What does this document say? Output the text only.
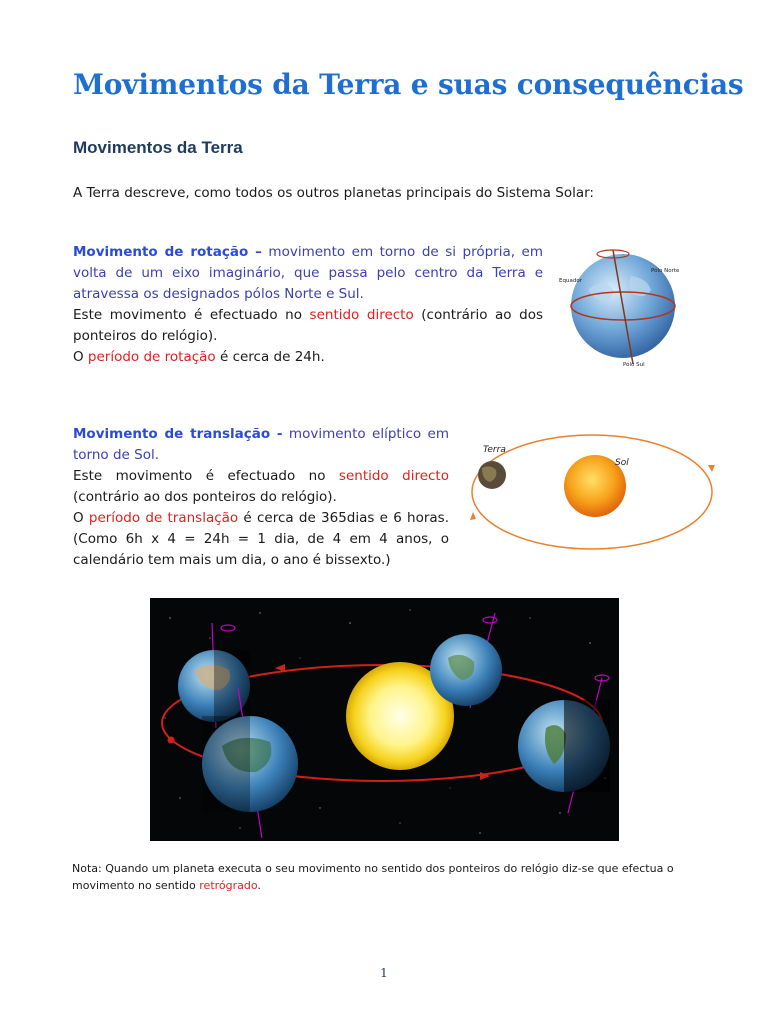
Movimentos da Terra e suas consequências
Movimentos da Terra
A Terra descreve, como todos os outros planetas principais do Sistema Solar:
Movimento de rotação – movimento em torno de si própria, em volta de um eixo imaginário, que passa pelo centro da Terra e atravessa os designados pólos Norte e Sul.
Este movimento é efectuado no sentido directo (contrário ao dos ponteiros do relógio).
O período de rotação é cerca de 24h.
Equador
Pólo Norte
Pólo Sul
Movimento de translação - movimento elíptico em torno de Sol.
Este movimento é efectuado no sentido directo (contrário ao dos ponteiros do relógio).
O período de translação é cerca de 365dias e 6 horas. (Como 6h x 4 = 24h = 1 dia, de 4 em 4 anos, o calendário tem mais um dia, o ano é bissexto.)
Terra
Sol
Nota: Quando um planeta executa o seu movimento no sentido dos ponteiros do relógio diz-se que efectua o movimento no sentido retrógrado.
1
